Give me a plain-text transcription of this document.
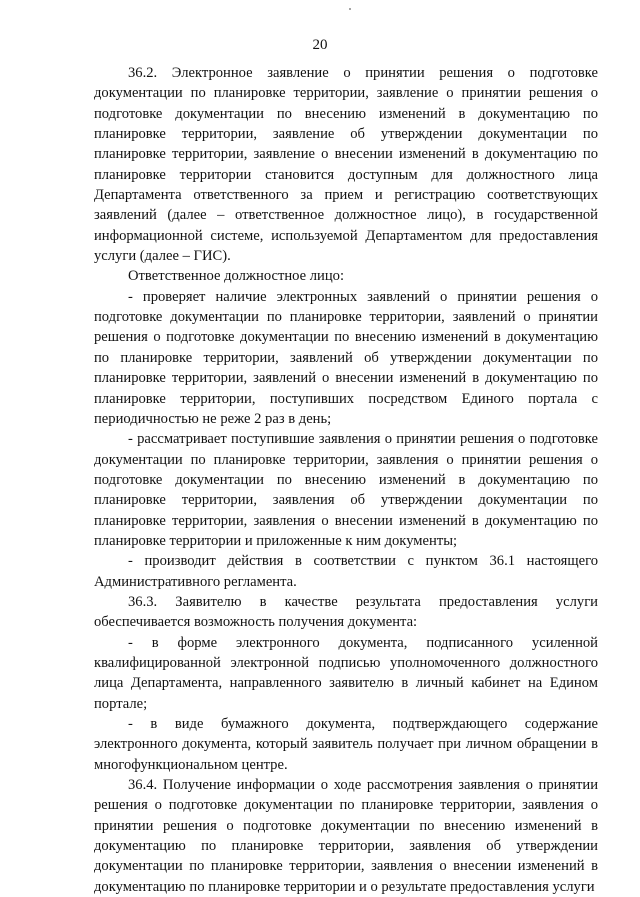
20

36.2. Электронное заявление о принятии решения о подготовке документации по планировке территории, заявление о принятии решения о подготовке документации по внесению изменений в документацию по планировке территории, заявление об утверждении документации по планировке территории, заявление о внесении изменений в документацию по планировке территории становится доступным для должностного лица Департамента ответственного за прием и регистрацию соответствующих заявлений (далее – ответственное должностное лицо), в государственной информационной системе, используемой Департаментом для предоставления услуги (далее – ГИС).

Ответственное должностное лицо:

- проверяет наличие электронных заявлений о принятии решения о подготовке документации по планировке территории, заявлений о принятии решения о подготовке документации по внесению изменений в документацию по планировке территории, заявлений об утверждении документации по планировке территории, заявлений о внесении изменений в документацию по планировке территории, поступивших посредством Единого портала с периодичностью не реже 2 раз в день;

- рассматривает поступившие заявления о принятии решения о подготовке документации по планировке территории, заявления о принятии решения о подготовке документации по внесению изменений в документацию по планировке территории, заявления об утверждении документации по планировке территории, заявления о внесении изменений в документацию по планировке территории и приложенные к ним документы;

- производит действия в соответствии с пунктом 36.1 настоящего Административного регламента.

36.3. Заявителю в качестве результата предоставления услуги обеспечивается возможность получения документа:

- в форме электронного документа, подписанного усиленной квалифицированной электронной подписью уполномоченного должностного лица Департамента, направленного заявителю в личный кабинет на Едином портале;

- в виде бумажного документа, подтверждающего содержание электронного документа, который заявитель получает при личном обращении в многофункциональном центре.

36.4. Получение информации о ходе рассмотрения заявления о принятии решения о подготовке документации по планировке территории, заявления о принятии решения о подготовке документации по внесению изменений в документацию по планировке территории, заявления об утверждении документации по планировке территории, заявления о внесении изменений в документацию по планировке территории и о результате предоставления услуги
